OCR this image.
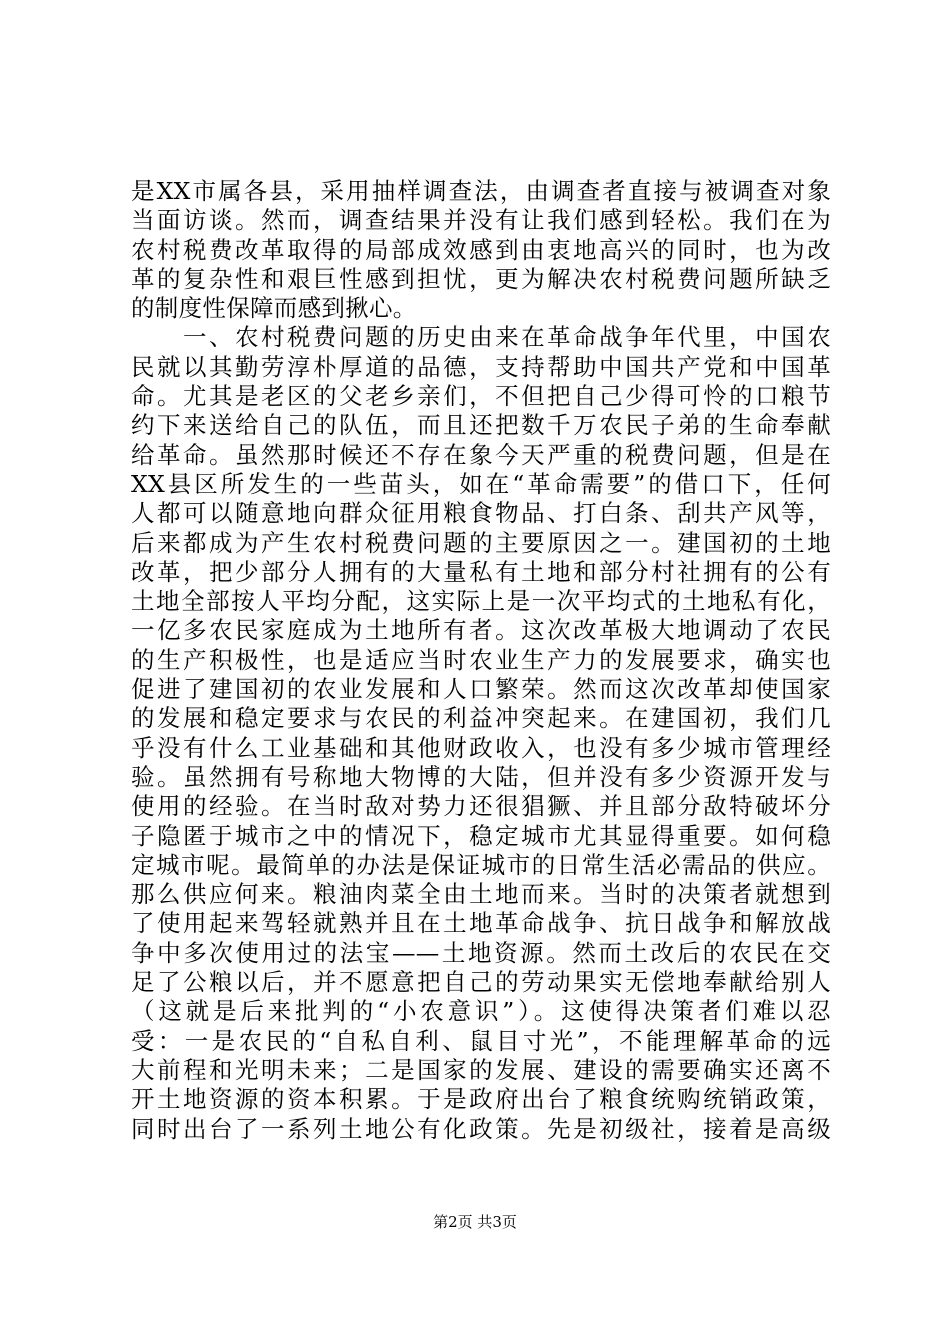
是XX市属各县，采用抽样调查法，由调查者直接与被调查对象
当面访谈。然而，调查结果并没有让我们感到轻松。我们在为
农村税费改革取得的局部成效感到由衷地高兴的同时，也为改
革的复杂性和艰巨性感到担忧，更为解决农村税费问题所缺乏
的制度性保障而感到揪心。
　　一、农村税费问题的历史由来在革命战争年代里，中国农
民就以其勤劳淳朴厚道的品德，支持帮助中国共产党和中国革
命。尤其是老区的父老乡亲们，不但把自己少得可怜的口粮节
约下来送给自己的队伍，而且还把数千万农民子弟的生命奉献
给革命。虽然那时候还不存在象今天严重的税费问题，但是在
XX县区所发生的一些苗头，如在“革命需要”的借口下，任何
人都可以随意地向群众征用粮食物品、打白条、刮共产风等，
后来都成为产生农村税费问题的主要原因之一。建国初的土地
改革，把少部分人拥有的大量私有土地和部分村社拥有的公有
土地全部按人平均分配，这实际上是一次平均式的土地私有化，
一亿多农民家庭成为土地所有者。这次改革极大地调动了农民
的生产积极性，也是适应当时农业生产力的发展要求，确实也
促进了建国初的农业发展和人口繁荣。然而这次改革却使国家
的发展和稳定要求与农民的利益冲突起来。在建国初，我们几
乎没有什么工业基础和其他财政收入，也没有多少城市管理经
验。虽然拥有号称地大物博的大陆，但并没有多少资源开发与
使用的经验。在当时敌对势力还很猖獗、并且部分敌特破坏分
子隐匿于城市之中的情况下，稳定城市尤其显得重要。如何稳
定城市呢。最简单的办法是保证城市的日常生活必需品的供应。
那么供应何来。粮油肉菜全由土地而来。当时的决策者就想到
了使用起来驾轻就熟并且在土地革命战争、抗日战争和解放战
争中多次使用过的法宝——土地资源。然而土改后的农民在交
足了公粮以后，并不愿意把自己的劳动果实无偿地奉献给别人
（这就是后来批判的“小农意识”）。这使得决策者们难以忍
受：一是农民的“自私自利、鼠目寸光”，不能理解革命的远
大前程和光明未来；二是国家的发展、建设的需要确实还离不
开土地资源的资本积累。于是政府出台了粮食统购统销政策，
同时出台了一系列土地公有化政策。先是初级社，接着是高级
第2页 共3页
